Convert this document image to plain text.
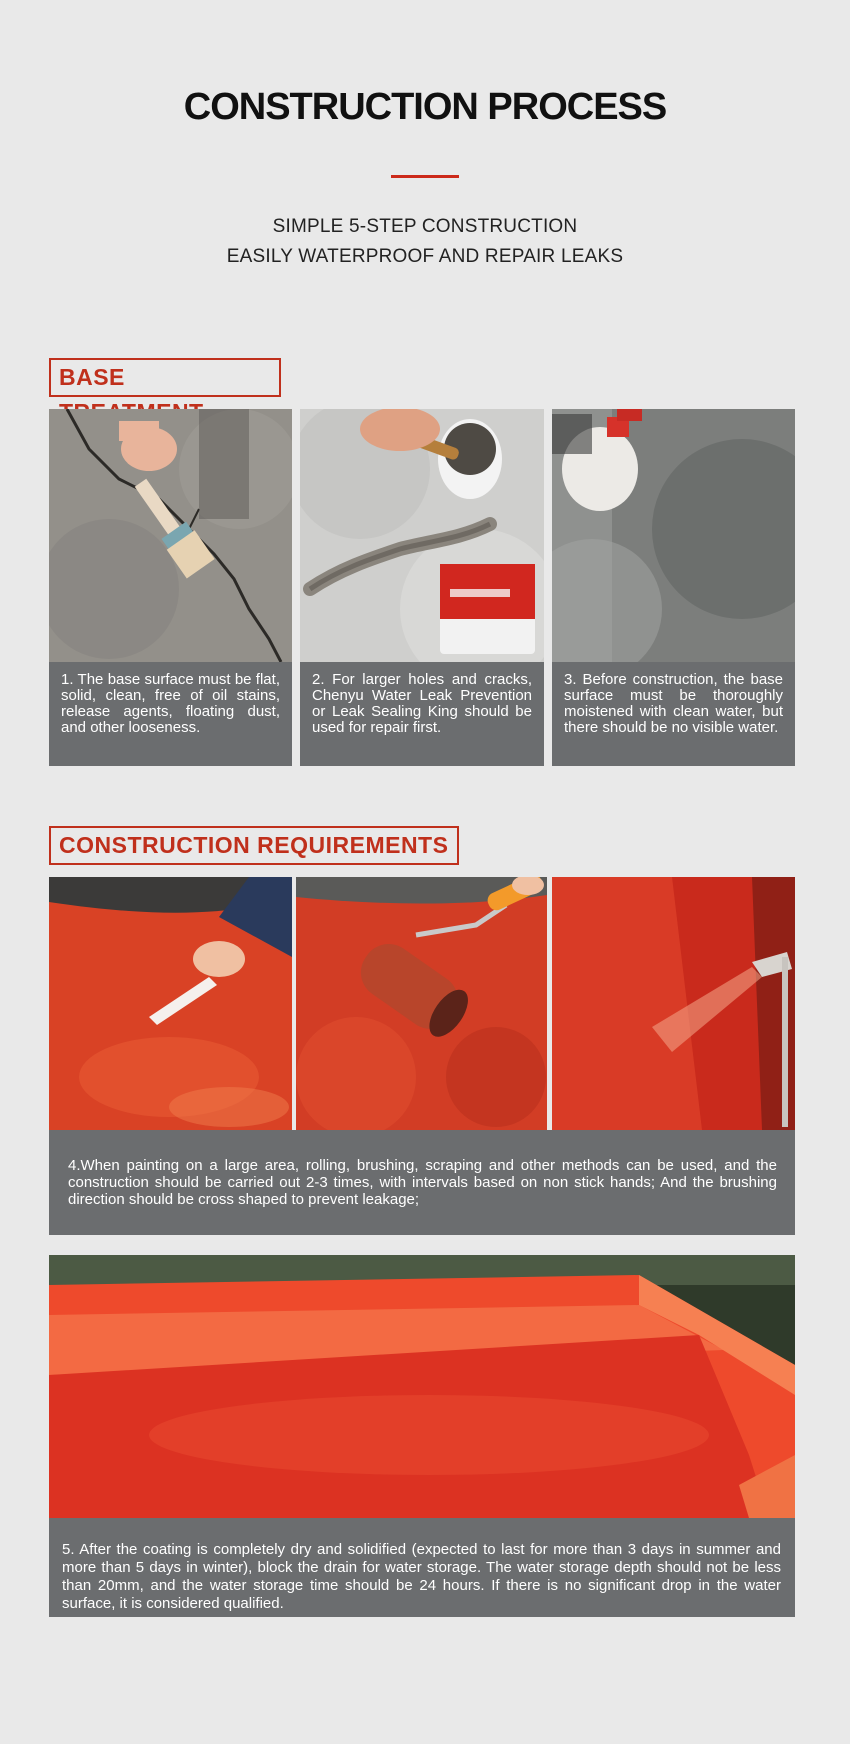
CONSTRUCTION PROCESS
SIMPLE 5-STEP CONSTRUCTION
EASILY WATERPROOF AND REPAIR LEAKS
BASE
1. The base surface must be flat, solid, clean, free of oil stains, release agents, floating dust, and other looseness.
2. For larger holes and cracks, Chenyu Water Leak Prevention or Leak Sealing King should be used for repair first.
3. Before construction, the base surface must be thoroughly moistened with clean water, but there should be no visible water.
CONSTRUCTION REQUIREMENTS
4.When painting on a large area, rolling, brushing, scraping and other methods can be used, and the construction should be carried out 2-3 times, with intervals based on non stick hands; And the brushing direction should be cross shaped to prevent leakage;
5. After the coating is completely dry and solidified (expected to last for more than 3 days in summer and more than 5 days in winter), block the drain for water storage. The water storage depth should not be less than 20mm, and the water storage time should be 24 hours. If there is no significant drop in the water surface, it is considered qualified.
